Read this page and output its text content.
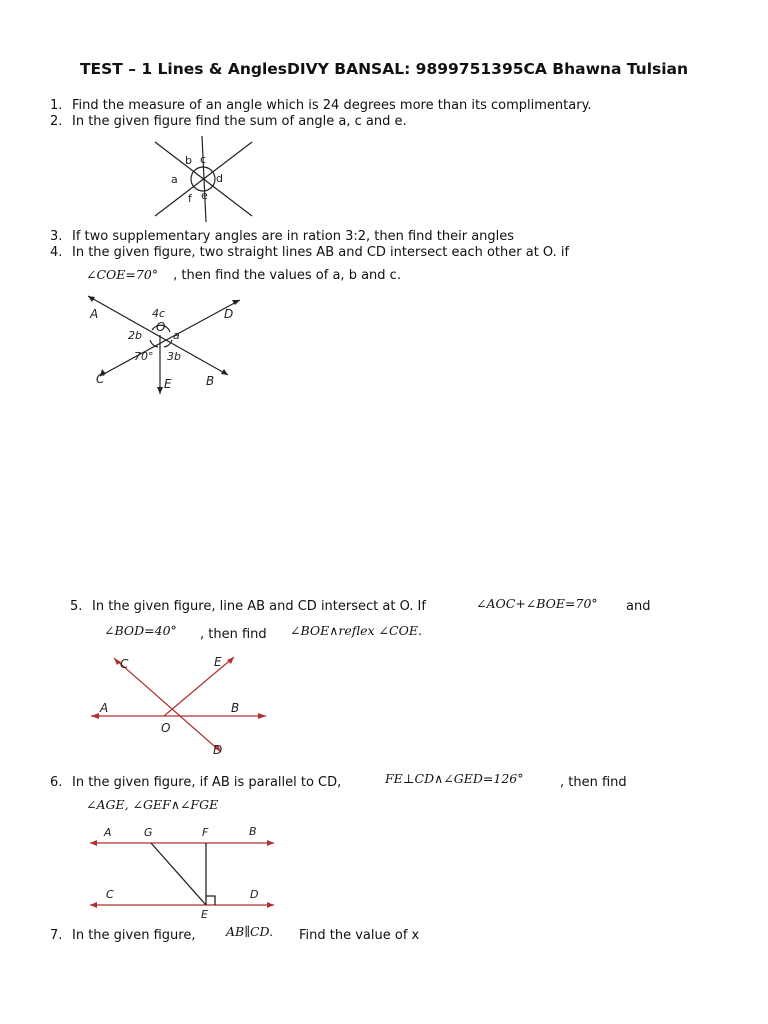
TEST – 1 Lines & AnglesDIVY BANSAL: 9899751395CA Bhawna Tulsian
1. Find the measure of an angle which is 24 degrees more than its complimentary.
2. In the given figure find the sum of angle a, c and e.
b c
a	d
f e
3. If two supplementary angles are in ration 3:2, then find their angles
4. In the given figure, two straight lines AB and CD intersect each other at O. if
∠COE=70° , then find the values of a, b and c.
A	4c	D
O
2b	a
70° 3b
C	E	B
5. In the given figure, line AB and CD intersect at O. If	∠AOC+∠BOE=70° and
∠BOD=40° , then find ∠BOE∧reflex ∠COE.
C	E
A	B
O
D
6. In the given figure, if AB is parallel to CD,	FE⊥CD∧∠GED=126°	, then find
∠AGE, ∠GEF∧∠FGE
A	G	F	B
C	D
E
7. In the given figure, AB∥CD. Find the value of x
